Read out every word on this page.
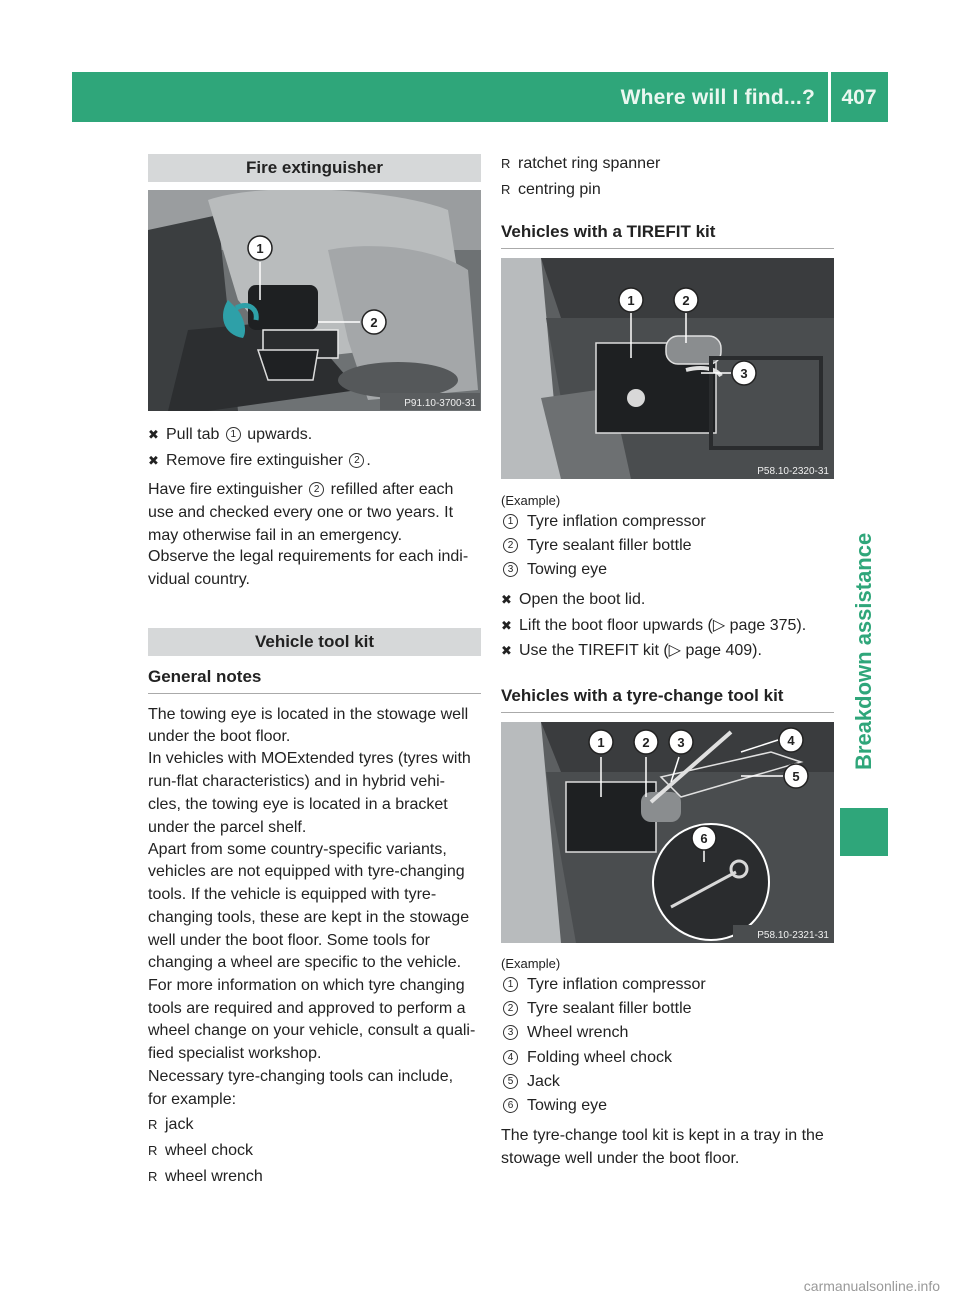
Where will I find...?	407
Breakdown assistance
Fire extinguisher
1
2
P91.10-3700-31
✖ Pull tab 1 upwards.
✖ Remove fire extinguisher 2 .
Have fire extinguisher 2 refilled after each
use and checked every one or two years. It
may otherwise fail in an emergency.
Observe the legal requirements for each indi-
vidual country.
Vehicle tool kit
General notes
The towing eye is located in the stowage well
under the boot floor.
In vehicles with MOExtended tyres (tyres with
run-flat characteristics) and in hybrid vehi-
cles, the towing eye is located in a bracket
under the parcel shelf.
Apart from some country-specific variants,
vehicles are not equipped with tyre-changing
tools. If the vehicle is equipped with tyre-
changing tools, these are kept in the stowage
well under the boot floor. Some tools for
changing a wheel are specific to the vehicle.
For more information on which tyre changing
tools are required and approved to perform a
wheel change on your vehicle, consult a quali-
fied specialist workshop.
Necessary tyre-changing tools can include,
for example:
R jack
R wheel chock
R wheel wrench
R ratchet ring spanner
R centring pin
Vehicles with a TIREFIT kit
1	2
3
P58.10-2320-31
(Example)
1 Tyre inflation compressor
2 Tyre sealant filler bottle
3 Towing eye
✖ Open the boot lid.
✖ Lift the boot floor upwards (▷ page 375).
✖ Use the TIREFIT kit (▷ page 409).
Vehicles with a tyre-change tool kit
1	2 3	4
5
6
P58.10-2321-31
(Example)
1 Tyre inflation compressor
2 Tyre sealant filler bottle
3 Wheel wrench
4 Folding wheel chock
5 Jack
6 Towing eye
The tyre-change tool kit is kept in a tray in the
stowage well under the boot floor.
carmanualsonline.info
